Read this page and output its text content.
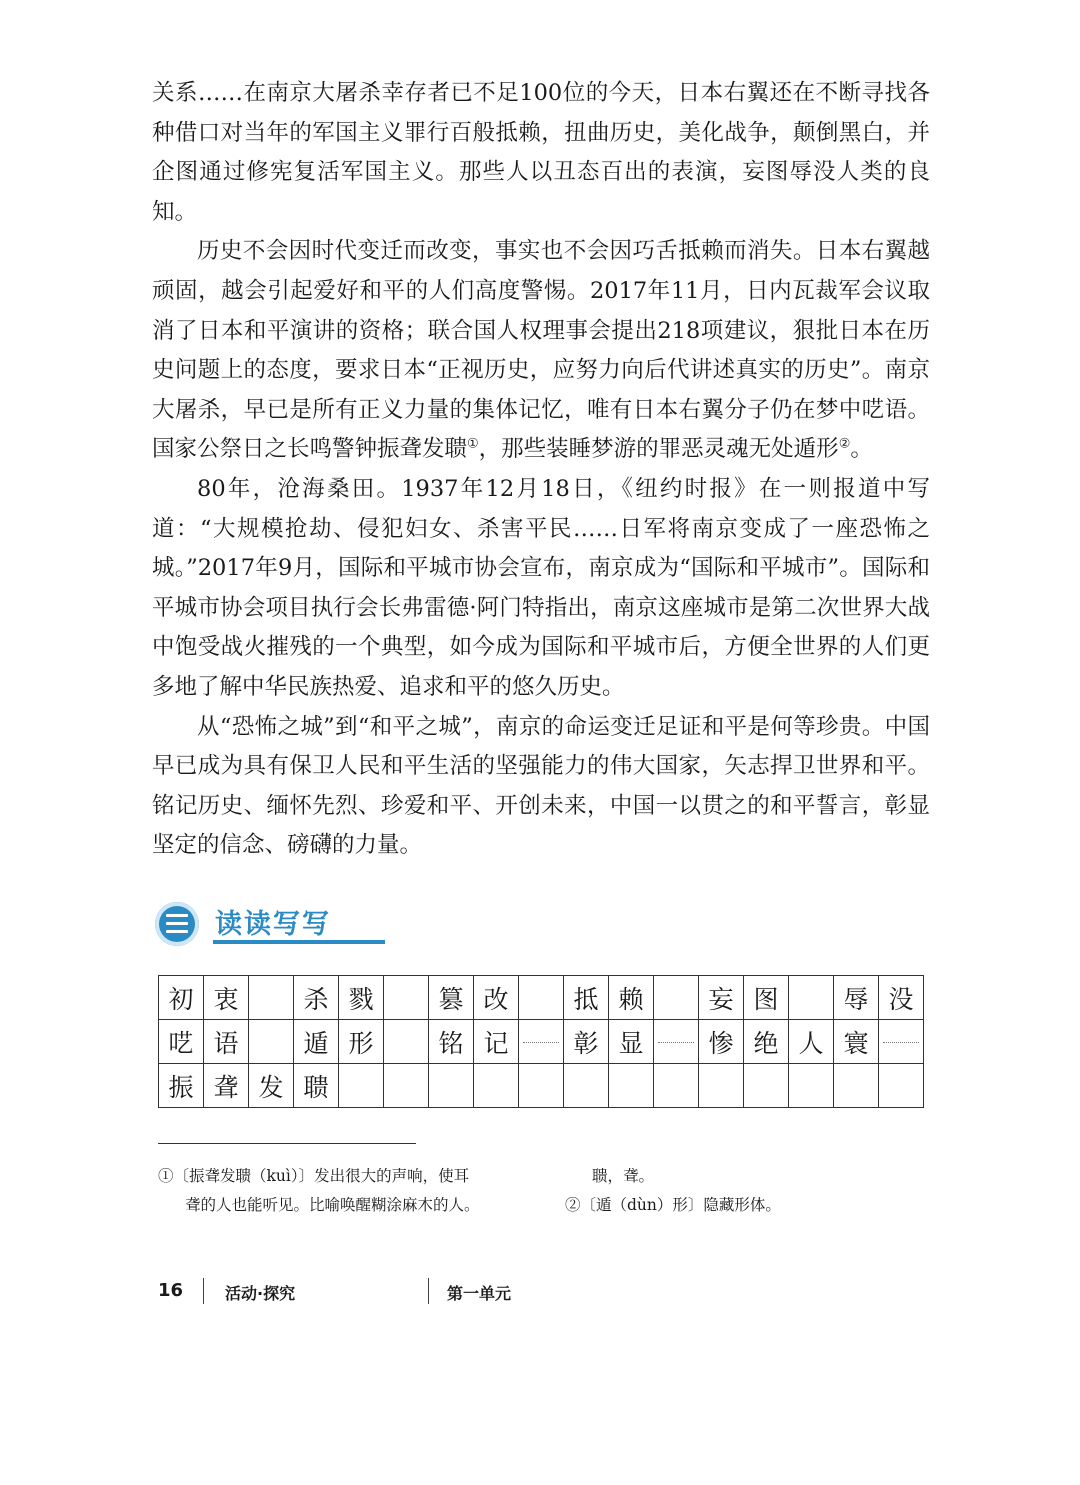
关系……在南京大屠杀幸存者已不足100位的今天，日本右翼还在不断寻找各种借口对当年的军国主义罪行百般抵赖，扭曲历史，美化战争，颠倒黑白，并企图通过修宪复活军国主义。那些人以丑态百出的表演，妄图辱没人类的良知。

历史不会因时代变迁而改变，事实也不会因巧舌抵赖而消失。日本右翼越顽固，越会引起爱好和平的人们高度警惕。2017年11月，日内瓦裁军会议取消了日本和平演讲的资格；联合国人权理事会提出218项建议，狠批日本在历史问题上的态度，要求日本“正视历史，应努力向后代讲述真实的历史”。南京大屠杀，早已是所有正义力量的集体记忆，唯有日本右翼分子仍在梦中呓语。国家公祭日之长鸣警钟振聋发聩①，那些装睡梦游的罪恶灵魂无处遁形②。

80年，沧海桑田。1937年12月18日，《纽约时报》在一则报道中写道：“大规模抢劫、侵犯妇女、杀害平民……日军将南京变成了一座恐怖之城。”2017年9月，国际和平城市协会宣布，南京成为“国际和平城市”。国际和平城市协会项目执行会长弗雷德·阿门特指出，南京这座城市是第二次世界大战中饱受战火摧残的一个典型，如今成为国际和平城市后，方便全世界的人们更多地了解中华民族热爱、追求和平的悠久历史。

从“恐怖之城”到“和平之城”，南京的命运变迁足证和平是何等珍贵。中国早已成为具有保卫人民和平生活的坚强能力的伟大国家，矢志捍卫世界和平。铭记历史、缅怀先烈、珍爱和平、开创未来，中国一以贯之的和平誓言，彰显坚定的信念、磅礴的力量。

读读写写
初	衷		杀	戮		篡	改		抵	赖		妄	图		辱	没
呓	语		遁	形		铭	记		彰	显		惨	绝	人	寰	
振	聋	发	聩													
①〔振聋发聩（kuì）〕发出很大的声响，使耳
聋的人也能听见。比喻唤醒糊涂麻木的人。
聩，聋。
②〔遁（dùn）形〕隐藏形体。
16	活动·探究	第一单元
